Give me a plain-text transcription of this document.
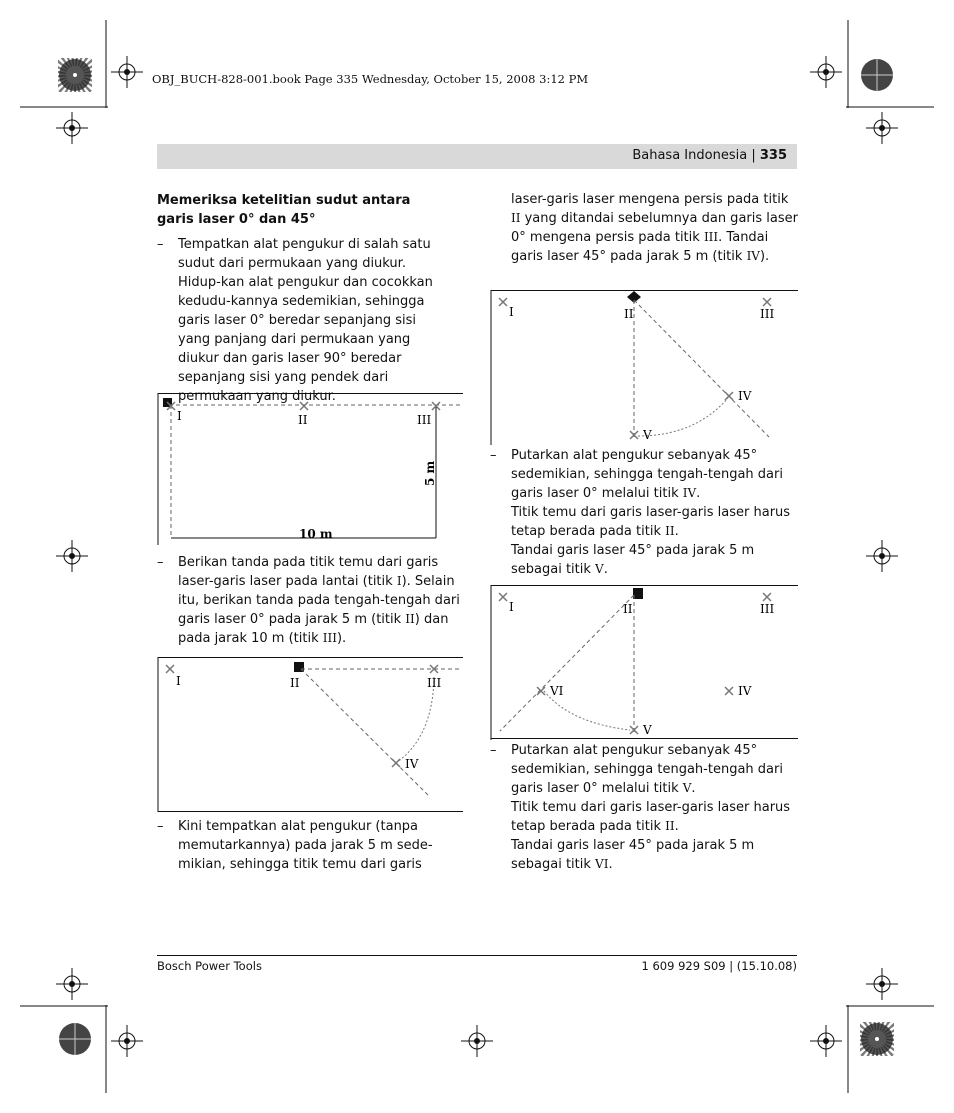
OBJ_BUCH-828-001.book Page 335 Wednesday, October 15, 2008 3:12 PM
Bahasa Indonesia | 335
Memeriksa ketelitian sudut antara garis laser 0° dan 45°
–	Tempatkan alat pengukur di salah satu sudut dari permukaan yang diukur. Hidup-kan alat pengukur dan cocokkan kedudu-kannya sedemikian, sehingga garis laser 0° beredar sepanjang sisi yang panjang dari permukaan yang diukur dan garis laser 90° beredar sepanjang sisi yang pendek dari permukaan yang diukur.
I	II	III
5 m
10 m
–	Berikan tanda pada titik temu dari garis laser-garis laser pada lantai (titik I). Selain itu, berikan tanda pada tengah-tengah dari garis laser 0° pada jarak 5 m (titik II) dan pada jarak 10 m (titik III).
I	II	III
IV
–	Kini tempatkan alat pengukur (tanpa memutarkannya) pada jarak 5 m sede-mikian, sehingga titik temu dari garis
laser-garis laser mengena persis pada titik II yang ditandai sebelumnya dan garis laser 0° mengena persis pada titik III. Tandai garis laser 45° pada jarak 5 m (titik IV).
I	II	III
IV
V
–	Putarkan alat pengukur sebanyak 45° sedemikian, sehingga tengah-tengah dari garis laser 0° melalui titik IV.
Titik temu dari garis laser-garis laser harus tetap berada pada titik II.
Tandai garis laser 45° pada jarak 5 m sebagai titik V.
I	II	III
IV
V
VI
–	Putarkan alat pengukur sebanyak 45° sedemikian, sehingga tengah-tengah dari garis laser 0° melalui titik V.
Titik temu dari garis laser-garis laser harus tetap berada pada titik II.
Tandai garis laser 45° pada jarak 5 m sebagai titik VI.
Bosch Power Tools	1 609 929 S09 | (15.10.08)
